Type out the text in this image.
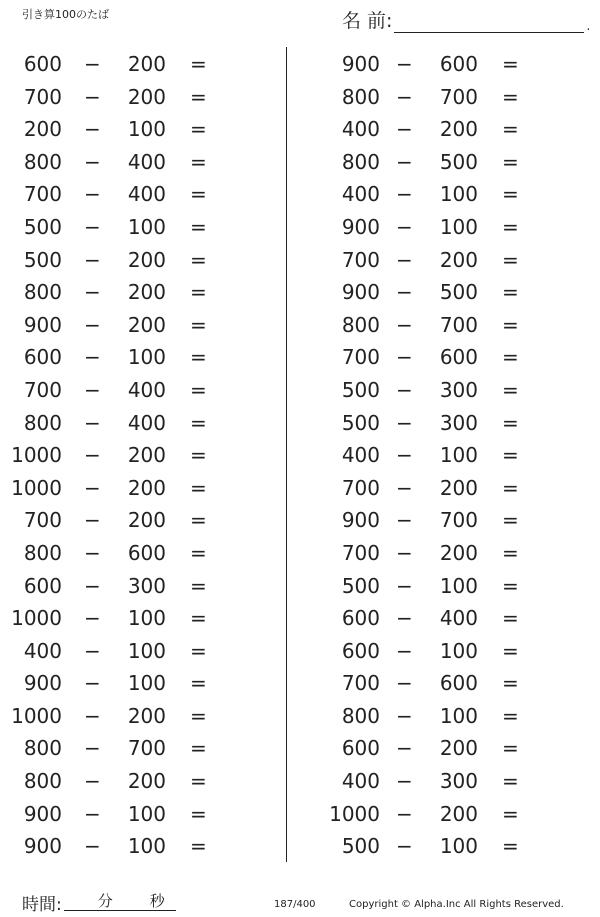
引き算100のたば	名 前:	.
600 −	200 =
700 −	200 =
200 −	100 =
800 −	400 =
700 −	400 =
500 −	100 =
500 −	200 =
800 −	200 =
900 −	200 =
600 −	100 =
700 −	400 =
800 −	400 =
1000 −	200 =
1000 −	200 =
700 −	200 =
800 −	600 =
600 −	300 =
1000 −	100 =
400 −	100 =
900 −	100 =
1000 −	200 =
800 −	700 =
800 −	200 =
900 −	100 =
900 −	100 =
900 −	600 =
800 −	700 =
400 −	200 =
800 −	500 =
400 −	100 =
900 −	100 =
700 −	200 =
900 −	500 =
800 −	700 =
700 −	600 =
500 −	300 =
500 −	300 =
400 −	100 =
700 −	200 =
900 −	700 =
700 −	200 =
500 −	100 =
600 −	400 =
600 −	100 =
700 −	600 =
800 −	100 =
600 −	200 =
400 −	300 =
1000 −	200 =
500 −	100 =
時間: 分 秒	187/400	Copyright © Alpha.Inc All Rights Reserved.
